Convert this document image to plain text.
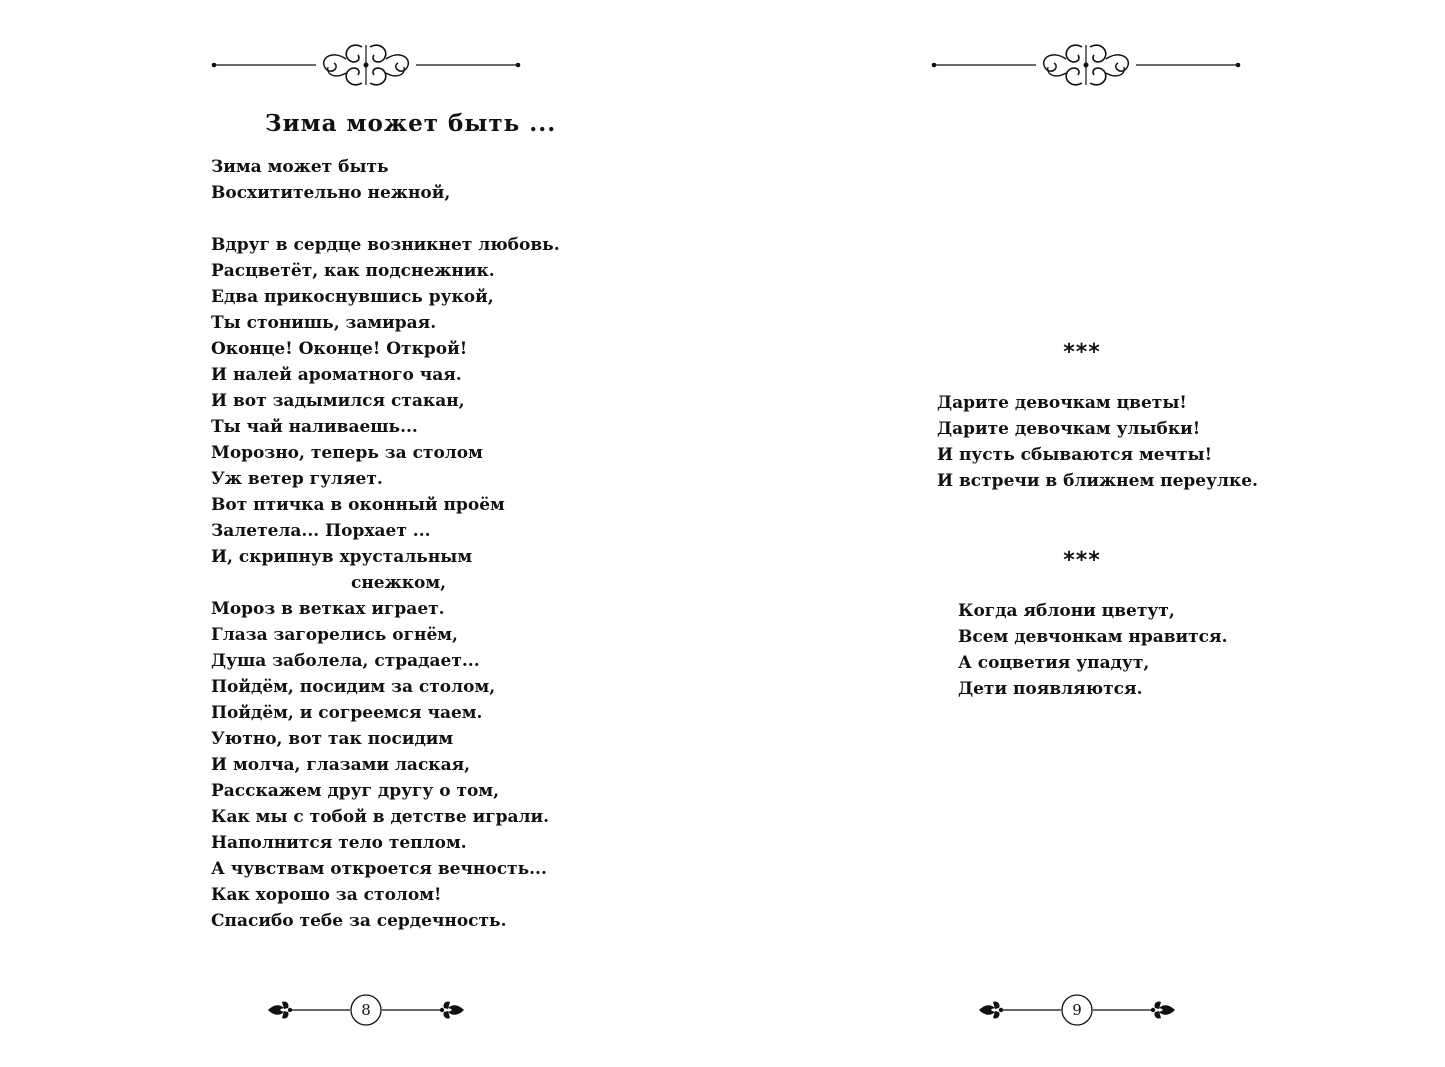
Зима может быть ...
Зима может быть
Восхитительно нежной,
Вдруг в сердце возникнет любовь.
Расцветёт, как подснежник.
Едва прикоснувшись рукой,
Ты стонишь, замирая.
Оконце! Оконце! Открой!
И налей ароматного чая.
И вот задымился стакан,
Ты чай наливаешь...
Морозно, теперь за столом
Уж ветер гуляет.
Вот птичка в оконный проём
Залетела... Порхает ...
И, скрипнув хрустальным
снежком,
Мороз в ветках играет.
Глаза загорелись огнём,
Душа заболела, страдает...
Пойдём, посидим за столом,
Пойдём, и согреемся чаем.
Уютно, вот так посидим
И молча, глазами лаская,
Расскажем друг другу о том,
Как мы с тобой в детстве играли.
Наполнится тело теплом.
А чувствам откроется вечность...
Как хорошо за столом!
Спасибо тебе за сердечность.
8
***
Дарите девочкам цветы!
Дарите девочкам улыбки!
И пусть сбываются мечты!
И встречи в ближнем переулке.
***
Когда яблони цветут,
Всем девчонкам нравится.
А соцветия упадут,
Дети появляются.
9
